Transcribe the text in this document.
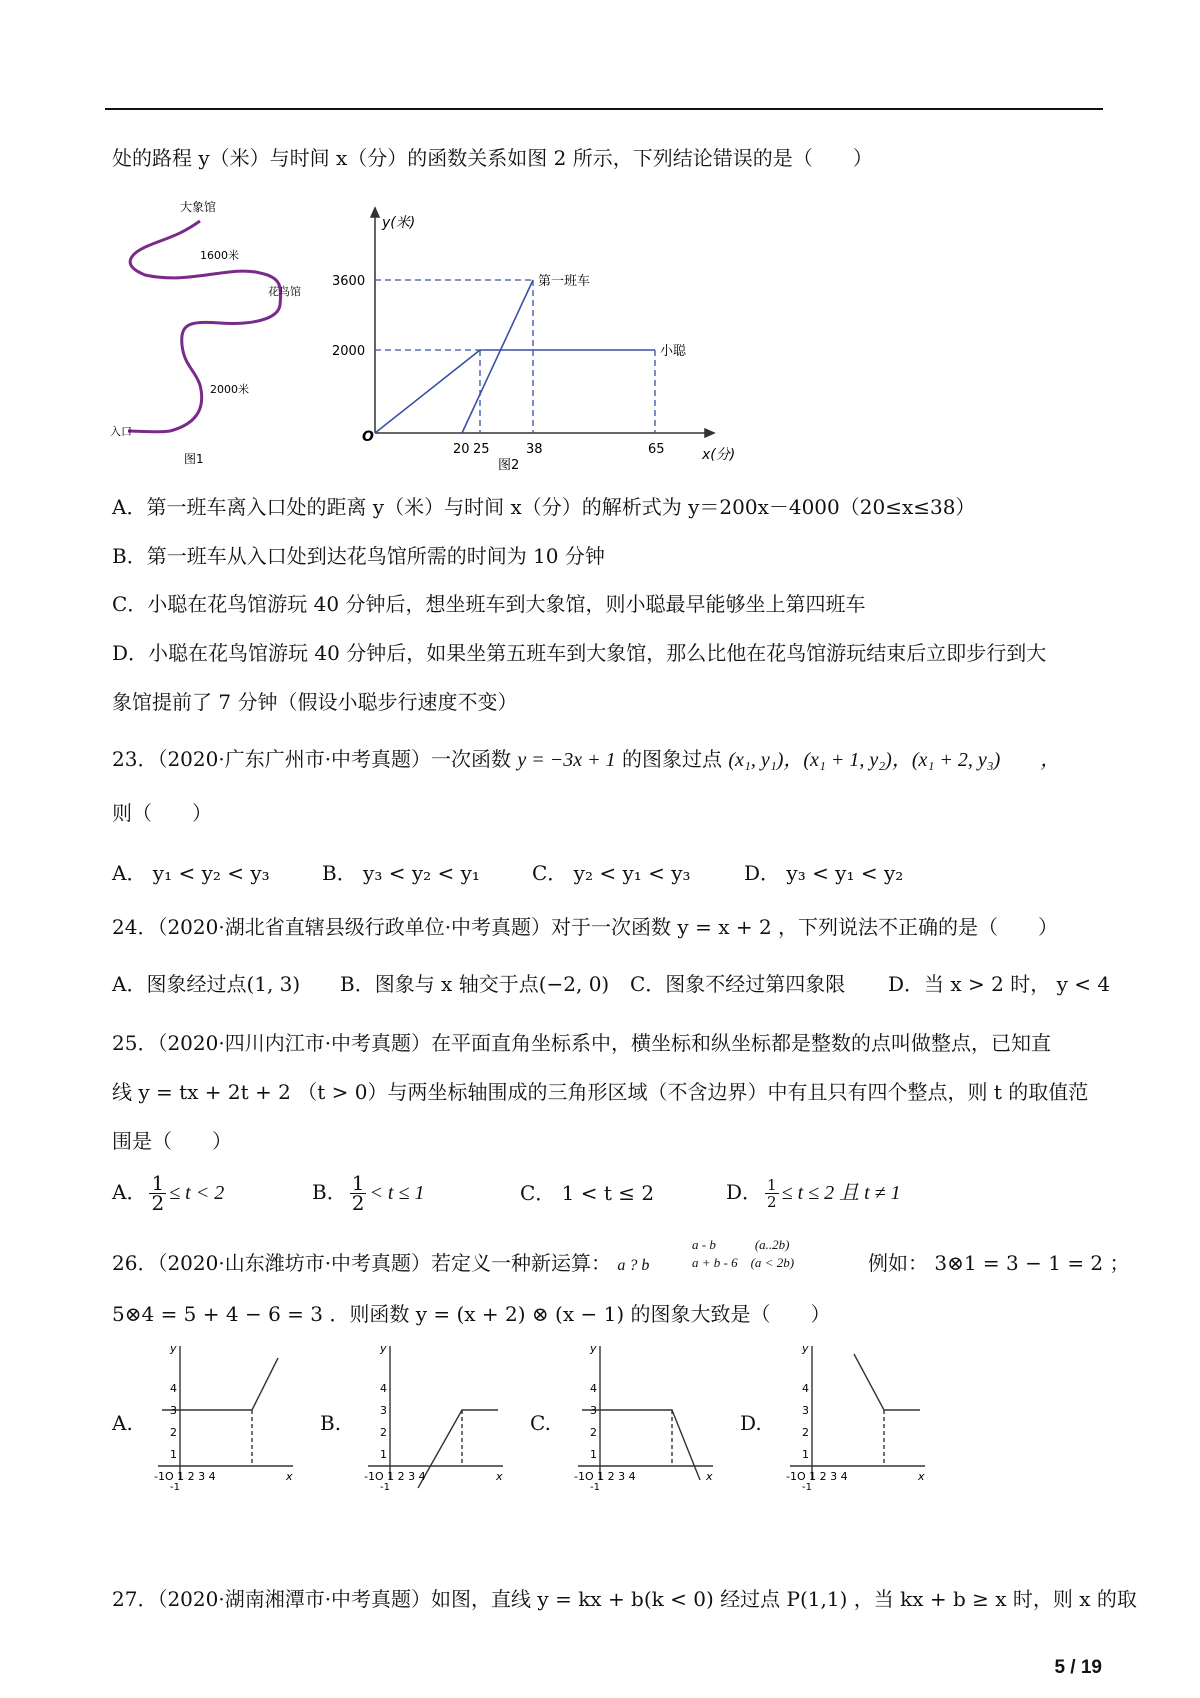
处的路程 y（米）与时间 x（分）的函数关系如图 2 所示，下列结论错误的是（　　）
大象馆
1600米
花鸟馆
2000米
入口
图1
y(米)
x(分)
O
3600
2000
20 25	38	65
第一班车
小聪
图2
A．第一班车离入口处的距离 y（米）与时间 x（分）的解析式为 y＝200x－4000（20≤x≤38）
B．第一班车从入口处到达花鸟馆所需的时间为 10 分钟
C．小聪在花鸟馆游玩 40 分钟后，想坐班车到大象馆，则小聪最早能够坐上第四班车
D．小聪在花鸟馆游玩 40 分钟后，如果坐第五班车到大象馆，那么比他在花鸟馆游玩结束后立即步行到大
象馆提前了 7 分钟（假设小聪步行速度不变）
23．（2020·广东广州市·中考真题）一次函数 y = −3x + 1 的图象过点 (x₁, y₁)，(x₁ + 1, y₂)，(x₁ + 2, y₃)　　，
则（　　）
A． y₁ < y₂ < y₃	B． y₃ < y₂ < y₁	C． y₂ < y₁ < y₃	D． y₃ < y₁ < y₂
24．（2020·湖北省直辖县级行政单位·中考真题）对于一次函数 y = x + 2 ，下列说法不正确的是（　　）
A．图象经过点(1, 3) B．图象与 x 轴交于点(−2, 0) C．图象不经过第四象限 D．当 x > 2 时， y < 4
25．（2020·四川内江市·中考真题）在平面直角坐标系中，横坐标和纵坐标都是整数的点叫做整点，已知直
线 y = tx + 2t + 2 （t > 0）与两坐标轴围成的三角形区域（不含边界）中有且只有四个整点，则 t 的取值范
围是（　　）
A． $\frac{1}{2} \le t < 2$	B． $\frac{1}{2} < t \le 1$	C． 1 < t ≤ 2	D． $\frac{1}{2} \le t \le 2$ 且 t ≠ 1
26．（2020·山东潍坊市·中考真题）若定义一种新运算： a ? b
a - b　　　(a..2b)
a + b - 6　(a < 2b)	例如： 3⊗1 = 3 − 1 = 2 ；
5⊗4 = 5 + 4 − 6 = 3 ．则函数 y = (x + 2) ⊗ (x − 1) 的图象大致是（　　）
A.	B.	C.	D.
y
x
4
3
2
1
-1O 1 2 3 4
-1
y
x
4
3
2
1
-1O 1 2 3 4
-1
y
x
4
3
2
1
-1O 1 2 3 4
-1
y
x
4
3
2
1
-1O 1 2 3 4
-1
27．（2020·湖南湘潭市·中考真题）如图，直线 y = kx + b(k < 0) 经过点 P(1,1) ，当 kx + b ≥ x 时，则 x 的取
5 / 19
